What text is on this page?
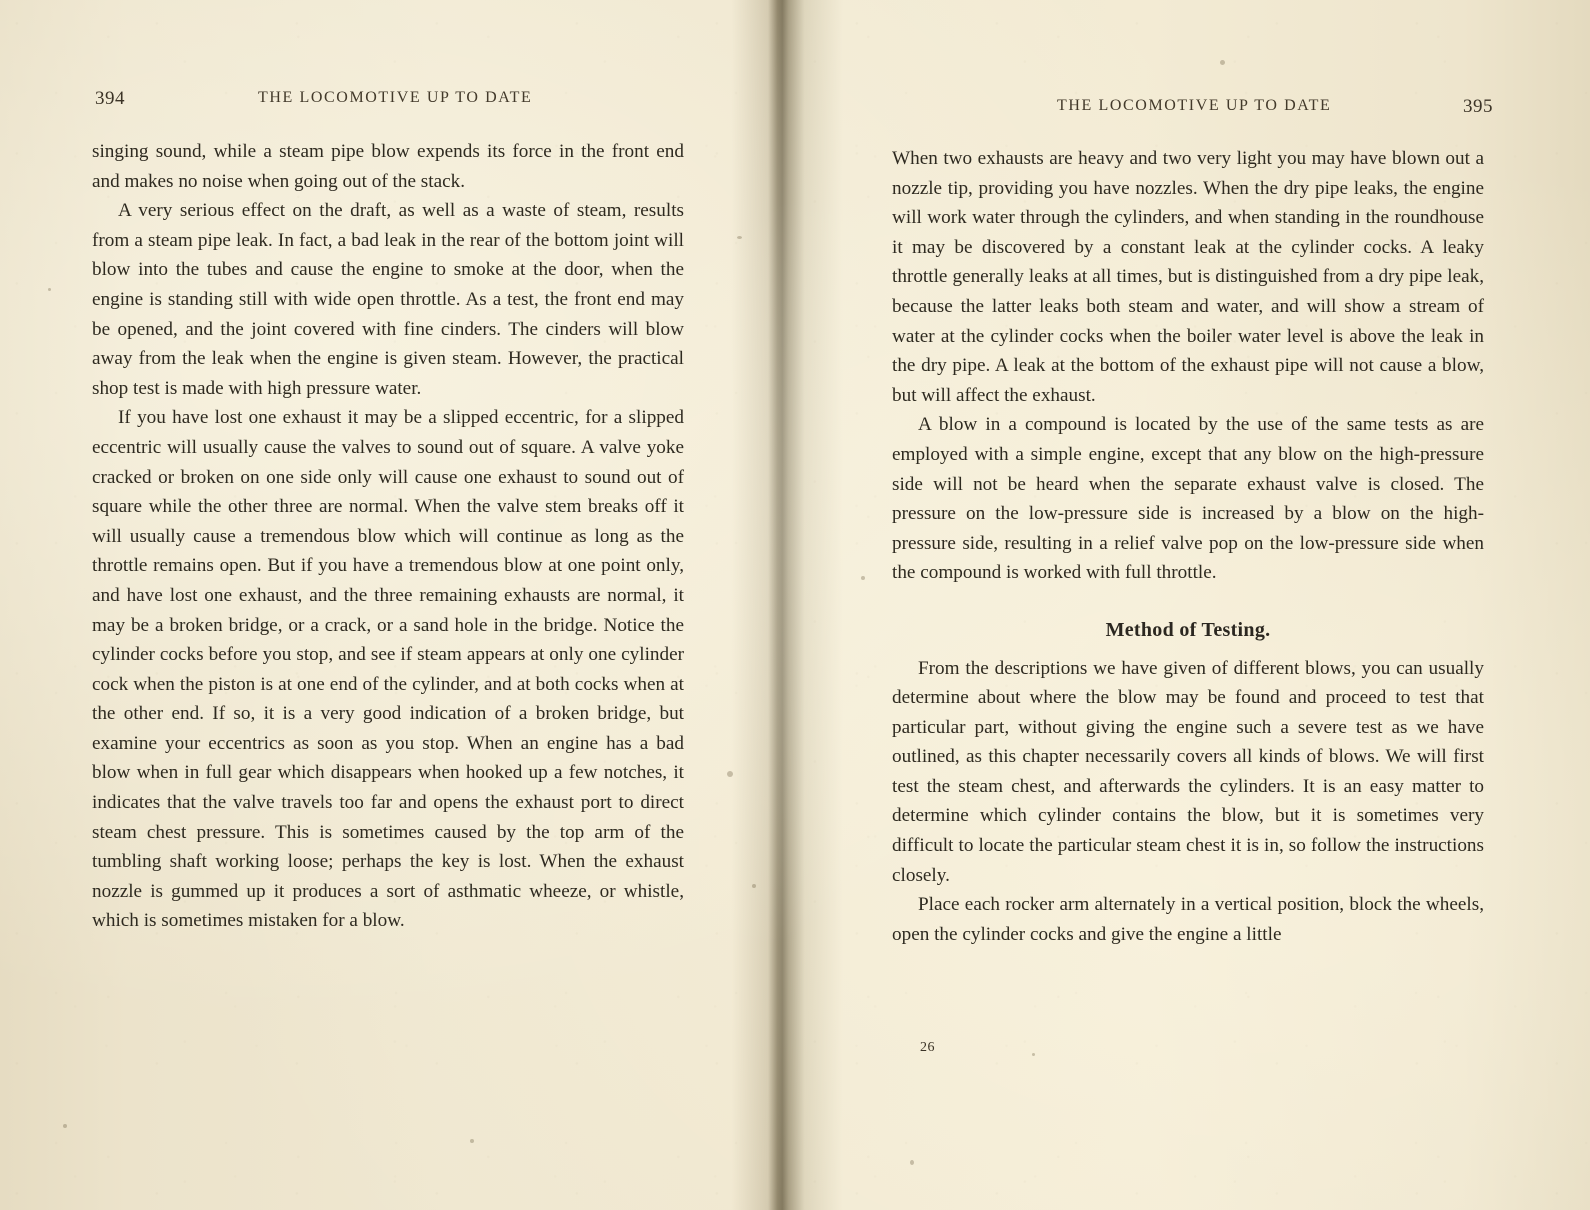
394	THE LOCOMOTIVE UP TO DATE

singing sound, while a steam pipe blow expends its force in the front end and makes no noise when going out of the stack.

A very serious effect on the draft, as well as a waste of steam, results from a steam pipe leak. In fact, a bad leak in the rear of the bottom joint will blow into the tubes and cause the engine to smoke at the door, when the engine is standing still with wide open throttle. As a test, the front end may be opened, and the joint covered with fine cinders. The cinders will blow away from the leak when the engine is given steam. However, the practical shop test is made with high pressure water.

If you have lost one exhaust it may be a slipped eccentric, for a slipped eccentric will usually cause the valves to sound out of square. A valve yoke cracked or broken on one side only will cause one exhaust to sound out of square while the other three are normal. When the valve stem breaks off it will usually cause a tremendous blow which will continue as long as the throttle remains open. But if you have a tremendous blow at one point only, and have lost one exhaust, and the three remaining exhausts are normal, it may be a broken bridge, or a crack, or a sand hole in the bridge. Notice the cylinder cocks before you stop, and see if steam appears at only one cylinder cock when the piston is at one end of the cylinder, and at both cocks when at the other end. If so, it is a very good indication of a broken bridge, but examine your eccentrics as soon as you stop. When an engine has a bad blow when in full gear which disappears when hooked up a few notches, it indicates that the valve travels too far and opens the exhaust port to direct steam chest pressure. This is sometimes caused by the top arm of the tumbling shaft working loose; perhaps the key is lost. When the exhaust nozzle is gummed up it produces a sort of asthmatic wheeze, or whistle, which is sometimes mistaken for a blow.

THE LOCOMOTIVE UP TO DATE	395

When two exhausts are heavy and two very light you may have blown out a nozzle tip, providing you have nozzles. When the dry pipe leaks, the engine will work water through the cylinders, and when standing in the roundhouse it may be discovered by a constant leak at the cylinder cocks. A leaky throttle generally leaks at all times, but is distinguished from a dry pipe leak, because the latter leaks both steam and water, and will show a stream of water at the cylinder cocks when the boiler water level is above the leak in the dry pipe. A leak at the bottom of the exhaust pipe will not cause a blow, but will affect the exhaust.

A blow in a compound is located by the use of the same tests as are employed with a simple engine, except that any blow on the high-pressure side will not be heard when the separate exhaust valve is closed. The pressure on the low-pressure side is increased by a blow on the high-pressure side, resulting in a relief valve pop on the low-pressure side when the compound is worked with full throttle.

Method of Testing.

From the descriptions we have given of different blows, you can usually determine about where the blow may be found and proceed to test that particular part, without giving the engine such a severe test as we have outlined, as this chapter necessarily covers all kinds of blows. We will first test the steam chest, and afterwards the cylinders. It is an easy matter to determine which cylinder contains the blow, but it is sometimes very difficult to locate the particular steam chest it is in, so follow the instructions closely.

Place each rocker arm alternately in a vertical position, block the wheels, open the cylinder cocks and give the engine a little

26
